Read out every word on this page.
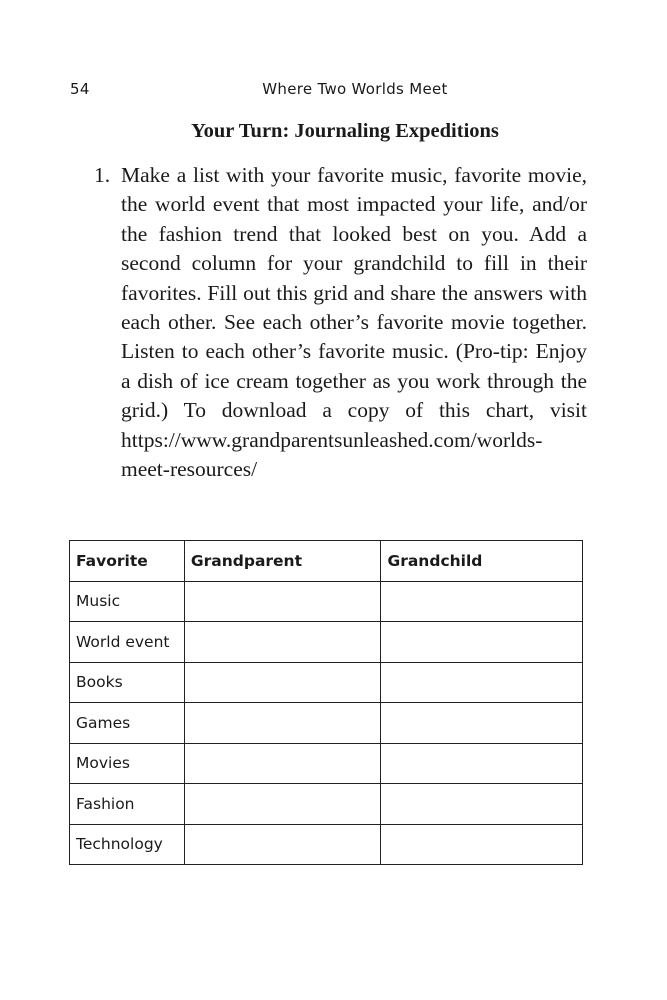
54	Where Two Worlds Meet
Your Turn: Journaling Expeditions
1. Make a list with your favorite music, favorite movie, the world event that most impacted your life, and/or the fashion trend that looked best on you. Add a second column for your grandchild to fill in their favorites. Fill out this grid and share the answers with each other. See each other’s favorite movie together. Listen to each other’s favorite music. (Pro-tip: Enjoy a dish of ice cream together as you work through the grid.) To download a copy of this chart, visit https://www.grandparentsunleashed.com/worlds-meet-resources/
Favorite	Grandparent	Grandchild
Music		
World event		
Books		
Games		
Movies		
Fashion		
Technology		
